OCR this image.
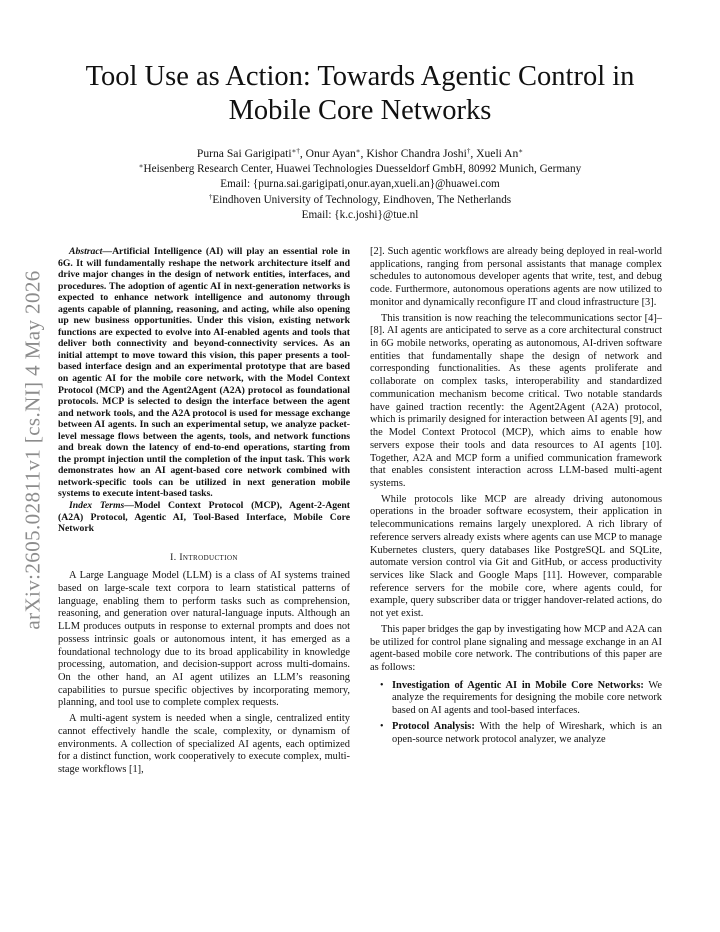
arXiv:2605.02811v1 [cs.NI] 4 May 2026
Tool Use as Action: Towards Agentic Control in Mobile Core Networks
Purna Sai Garigipati∗†, Onur Ayan∗, Kishor Chandra Joshi†, Xueli An∗
∗Heisenberg Research Center, Huawei Technologies Duesseldorf GmbH, 80992 Munich, Germany
Email: {purna.sai.garigipati,onur.ayan,xueli.an}@huawei.com
†Eindhoven University of Technology, Eindhoven, The Netherlands
Email: {k.c.joshi}@tue.nl

Abstract—Artificial Intelligence (AI) will play an essential role in 6G. It will fundamentally reshape the network architecture itself and drive major changes in the design of network entities, interfaces, and procedures. The adoption of agentic AI in next-generation networks is expected to enhance network intelligence and autonomy through agents capable of planning, reasoning, and acting, while also opening up new business opportunities. Under this vision, existing network functions are expected to evolve into AI-enabled agents and tools that deliver both connectivity and beyond-connectivity services. As an initial attempt to move toward this vision, this paper presents a tool-based interface design and an experimental prototype that are based on agentic AI for the mobile core network, with the Model Context Protocol (MCP) and the Agent2Agent (A2A) protocol as foundational protocols. MCP is selected to design the interface between the agent and network tools, and the A2A protocol is used for message exchange between AI agents. In such an experimental setup, we analyze packet-level message flows between the agents, tools, and network functions and break down the latency of end-to-end operations, starting from the prompt injection until the completion of the input task. This work demonstrates how an AI agent-based core network combined with network-specific tools can be utilized in next generation mobile systems to execute intent-based tasks.

Index Terms—Model Context Protocol (MCP), Agent-2-Agent (A2A) Protocol, Agentic AI, Tool-Based Interface, Mobile Core Network

I. Introduction

A Large Language Model (LLM) is a class of AI systems trained based on large-scale text corpora to learn statistical patterns of language, enabling them to perform tasks such as comprehension, reasoning, and generation over natural-language inputs. Although an LLM produces outputs in response to external prompts and does not possess intrinsic goals or autonomous intent, it has emerged as a foundational technology due to its broad applicability in knowledge processing, automation, and decision-support across multi-domains. On the other hand, an AI agent utilizes an LLM’s reasoning capabilities to pursue specific objectives by incorporating memory, planning, and tool use to complete complex requests.

A multi-agent system is needed when a single, centralized entity cannot effectively handle the scale, complexity, or dynamism of environments. A collection of specialized AI agents, each optimized for a distinct function, work cooperatively to execute complex, multi-stage workflows [1],

[2]. Such agentic workflows are already being deployed in real-world applications, ranging from personal assistants that manage complex schedules to autonomous developer agents that write, test, and debug code. Furthermore, autonomous operations agents are now utilized to monitor and dynamically reconfigure IT and cloud infrastructure [3].

This transition is now reaching the telecommunications sector [4]–[8]. AI agents are anticipated to serve as a core architectural construct in 6G mobile networks, operating as autonomous, AI-driven software entities that fundamentally shape the design of network and corresponding functionalities. As these agents proliferate and collaborate on complex tasks, interoperability and standardized communication mechanism become critical. Two notable standards have gained traction recently: the Agent2Agent (A2A) protocol, which is primarily designed for interaction between AI agents [9], and the Model Context Protocol (MCP), which aims to enable how servers expose their tools and data resources to AI agents [10]. Together, A2A and MCP form a unified communication framework that enables consistent interaction across LLM-based multi-agent systems.

While protocols like MCP are already driving autonomous operations in the broader software ecosystem, their application in telecommunications remains largely unexplored. A rich library of reference servers already exists where agents can use MCP to manage Kubernetes clusters, query databases like PostgreSQL and SQLite, automate version control via Git and GitHub, or access productivity services like Slack and Google Maps [11]. However, comparable reference servers for the mobile core, where agents could, for example, query subscriber data or trigger handover-related actions, do not yet exist.

This paper bridges the gap by investigating how MCP and A2A can be utilized for control plane signaling and message exchange in an AI agent-based mobile core network. The contributions of this paper are as follows:

• Investigation of Agentic AI in Mobile Core Networks: We analyze the requirements for designing the mobile core network based on AI agents and tool-based interfaces.
• Protocol Analysis: With the help of Wireshark, which is an open-source network protocol analyzer, we analyze
